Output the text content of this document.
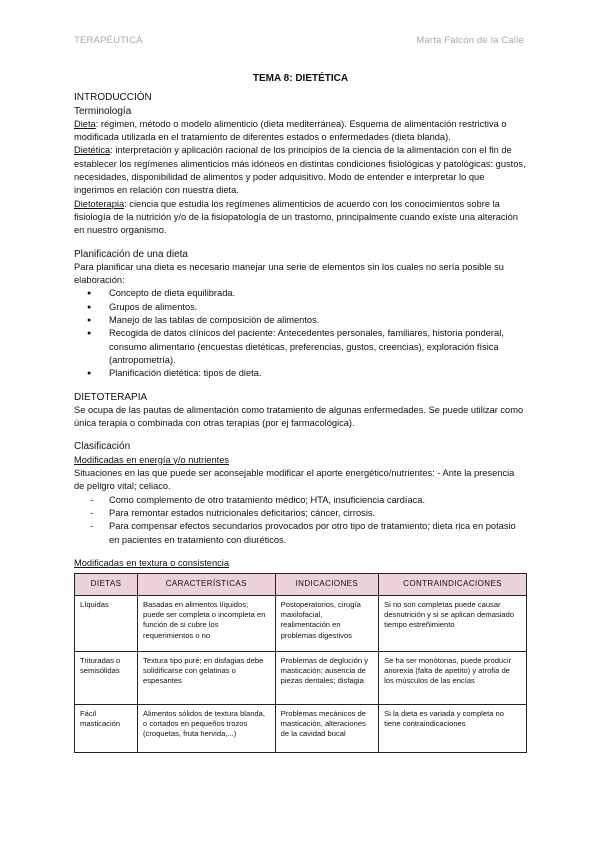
TERAPÉUTICA	Marta Falcón de la Calle

TEMA 8: DIETÉTICA

INTRODUCCIÓN

Terminología

Dieta: régimen, método o modelo alimenticio (dieta mediterránea). Esquema de alimentación restrictiva o modificada utilizada en el tratamiento de diferentes estados o enfermedades (dieta blanda).

Dietética: interpretación y aplicación racional de los principios de la ciencia de la alimentación con el fin de establecer los regímenes alimenticios más idóneos en distintas condiciones fisiológicas y patológicas: gustos, necesidades, disponibilidad de alimentos y poder adquisitivo. Modo de entender e interpretar lo que ingerimos en relación con nuestra dieta.

Dietoterapia: ciencia que estudia los regímenes alimenticios de acuerdo con los conocimientos sobre la fisiología de la nutrición y/o de la fisiopatología de un trastorno, principalmente cuando existe una alteración en nuestro organismo.

Planificación de una dieta

Para planificar una dieta es necesario manejar una serie de elementos sin los cuales no sería posible su elaboración:

● Concepto de dieta equilibrada.
● Grupos de alimentos.
● Manejo de las tablas de composición de alimentos.
● Recogida de datos clínicos del paciente: Antecedentes personales, familiares, historia ponderal, consumo alimentario (encuestas dietéticas, preferencias, gustos, creencias), exploración física (antropometría).
● Planificación dietética: tipos de dieta.

DIETOTERAPIA

Se ocupa de las pautas de alimentación como tratamiento de algunas enfermedades. Se puede utilizar como única terapia o combinada con otras terapias (por ej farmacológica).

Clasificación

Modificadas en energía y/o nutrientes

Situaciones en las que puede ser aconsejable modificar el aporte energético/nutrientes: - Ante la presencia de peligro vital; celiaco.

- Como complemento de otro tratamiento médico; HTA, insuficiencia cardíaca.
- Para remontar estados nutricionales deficitarios; cáncer, cirrosis.
- Para compensar efectos secundarios provocados por otro tipo de tratamiento; dieta rica en potasio en pacientes en tratamiento con diuréticos.

Modificadas en textura o consistencia

DIETAS	CARACTERÍSTICAS	INDICACIONES	CONTRAINDICACIONES
Líquidas	Basadas en alimentos líquidos; puede ser completa o incompleta en función de si cubre los requerimientos o no	Postoperatorios, cirugía maxilofacial, realimentación en problemas digestivos	Si no son completas puede causar desnutrición y si se aplican demasiado tiempo estreñimiento
Trituradas o semisólidas	Textura tipo puré; en disfagias debe solidificarse con gelatinas o espesantes	Problemas de deglución y masticación; ausencia de piezas dentales; disfagia	Se ha ser monótonas, puede producir anorexia (falta de apetito) y atrofia de los músculos de las encías
Fácil masticación	Alimentos sólidos de textura blanda, o cortados en pequeños trozos (croquetas, fruta hervida,...)	Problemas mecánicos de masticación, alteraciones de la cavidad bucal	Si la dieta es variada y completa no tiene contraindicaciones
